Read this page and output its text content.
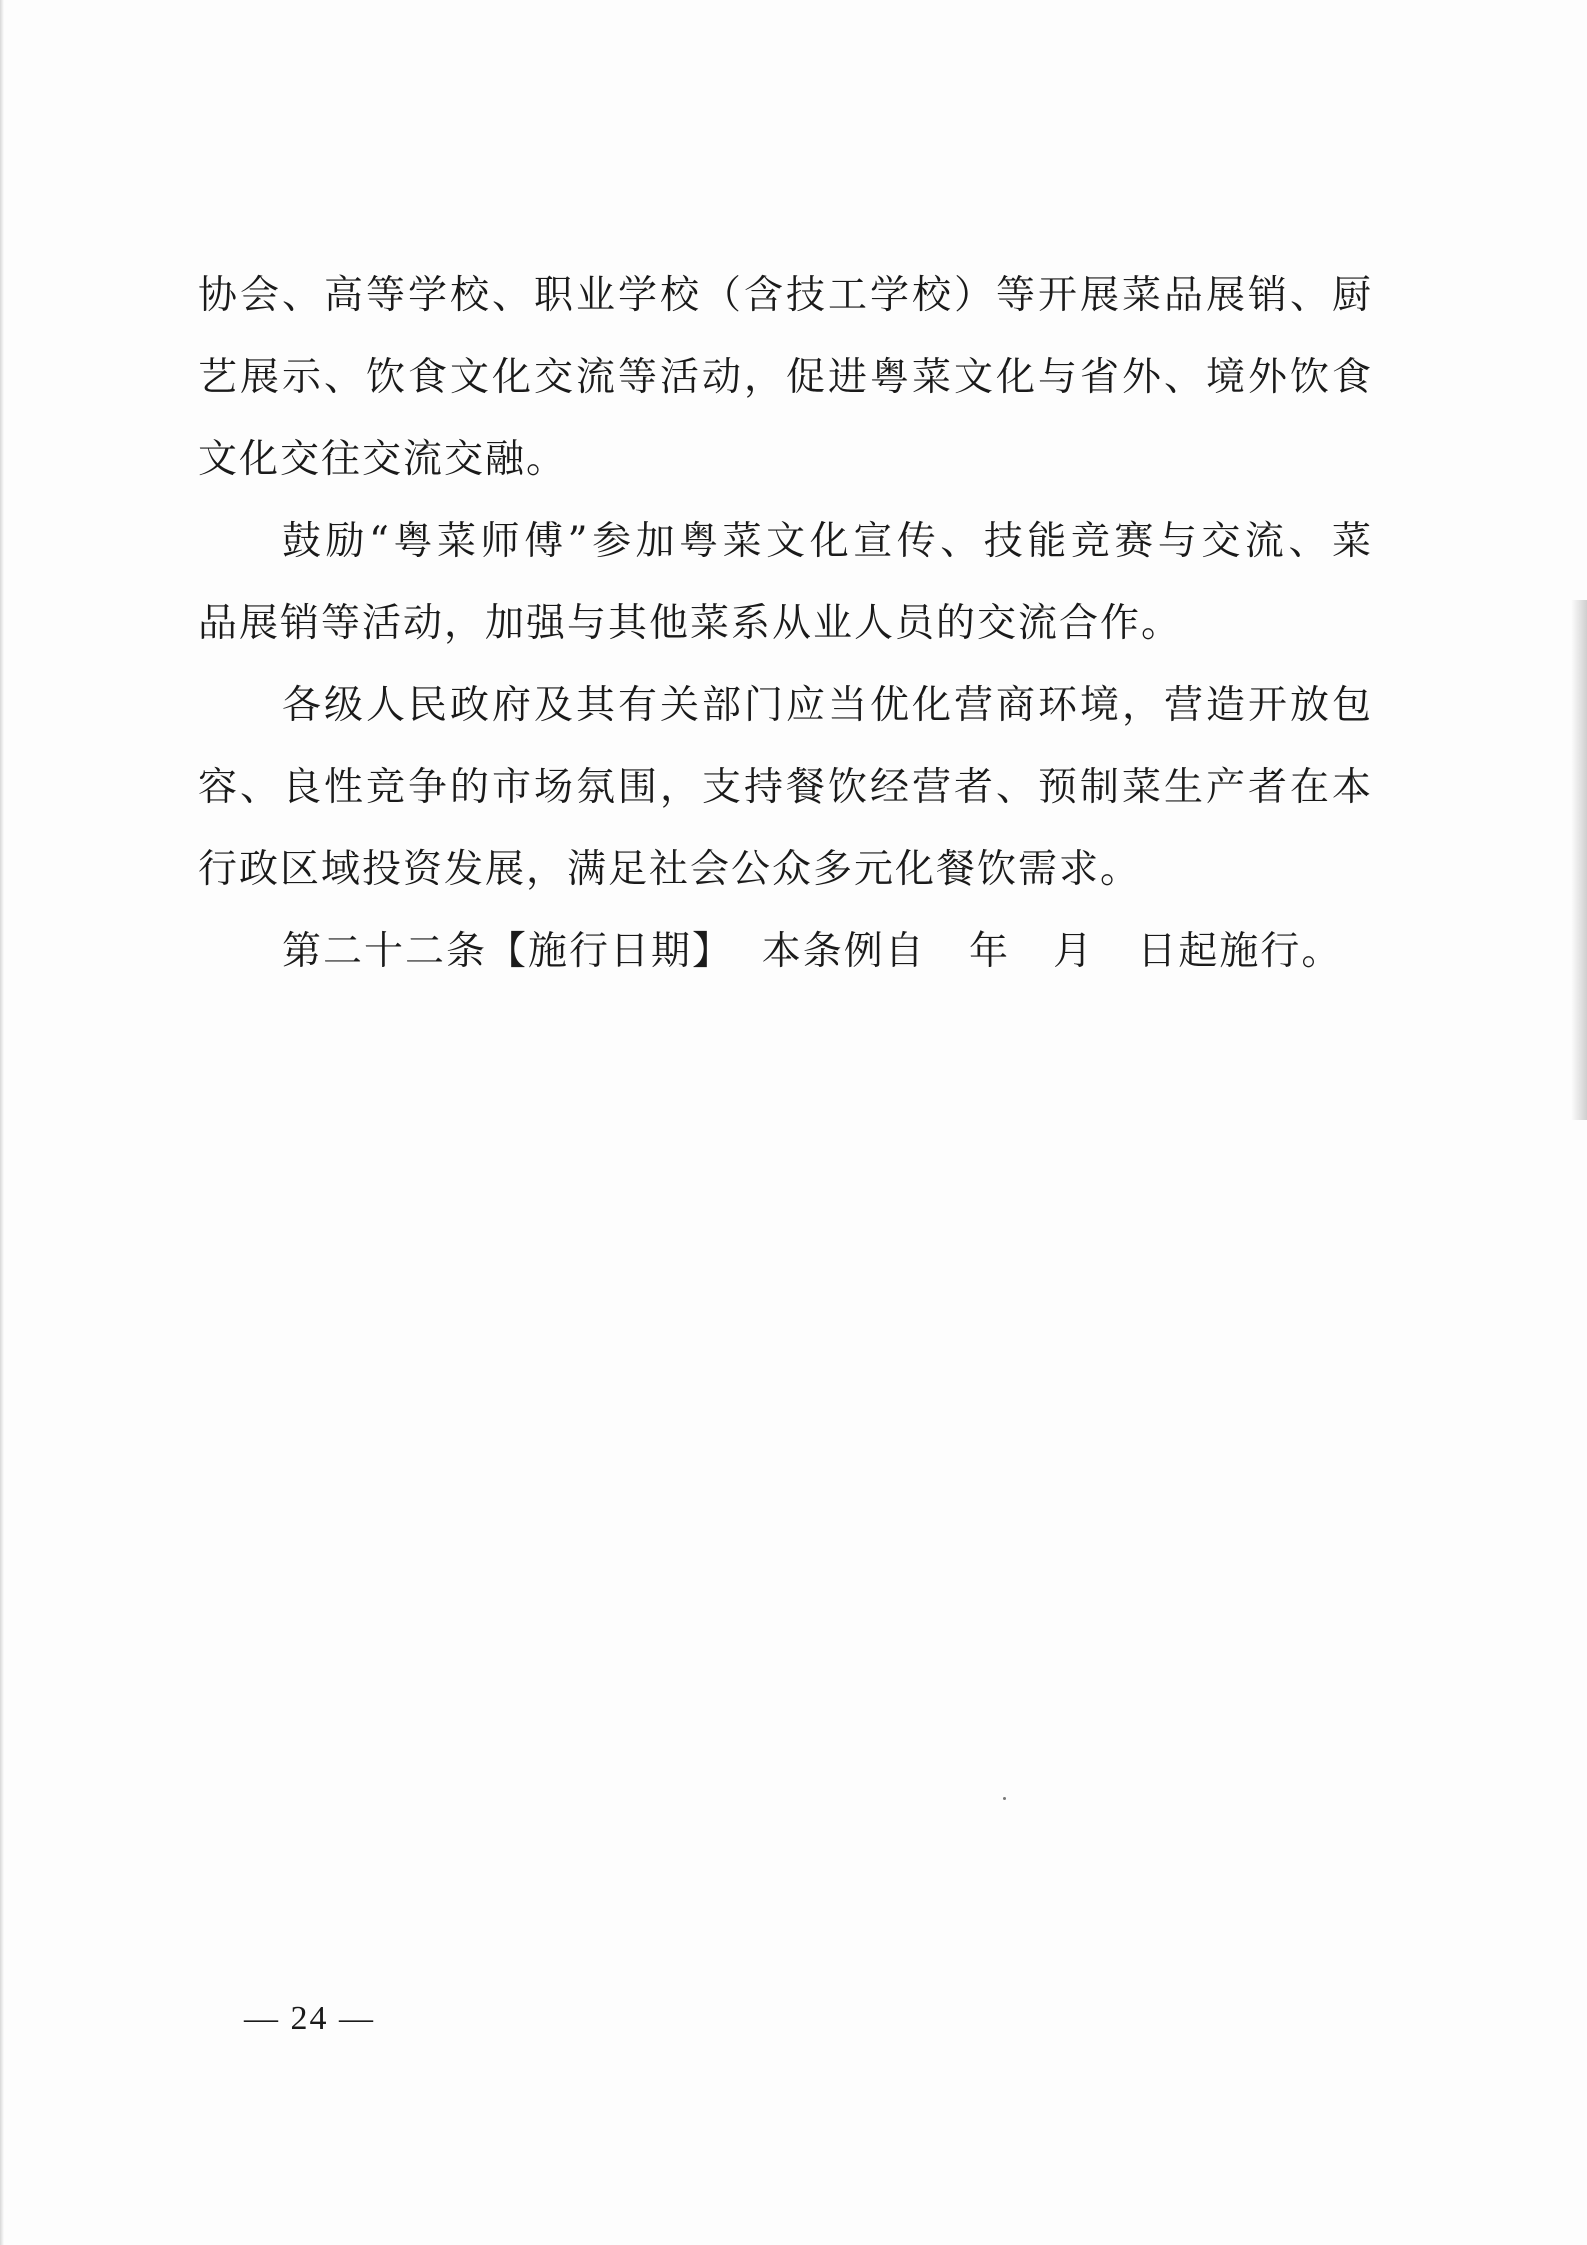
协会、高等学校、职业学校（含技工学校）等开展菜品展销、厨
艺展示、饮食文化交流等活动，促进粤菜文化与省外、境外饮食
文化交往交流交融。
鼓励“粤菜师傅”参加粤菜文化宣传、技能竞赛与交流、菜
品展销等活动，加强与其他菜系从业人员的交流合作。
各级人民政府及其有关部门应当优化营商环境，营造开放包
容、良性竞争的市场氛围，支持餐饮经营者、预制菜生产者在本
行政区域投资发展，满足社会公众多元化餐饮需求。
第二十二条【施行日期】  本条例自   年   月   日起施行。
— 24 —
